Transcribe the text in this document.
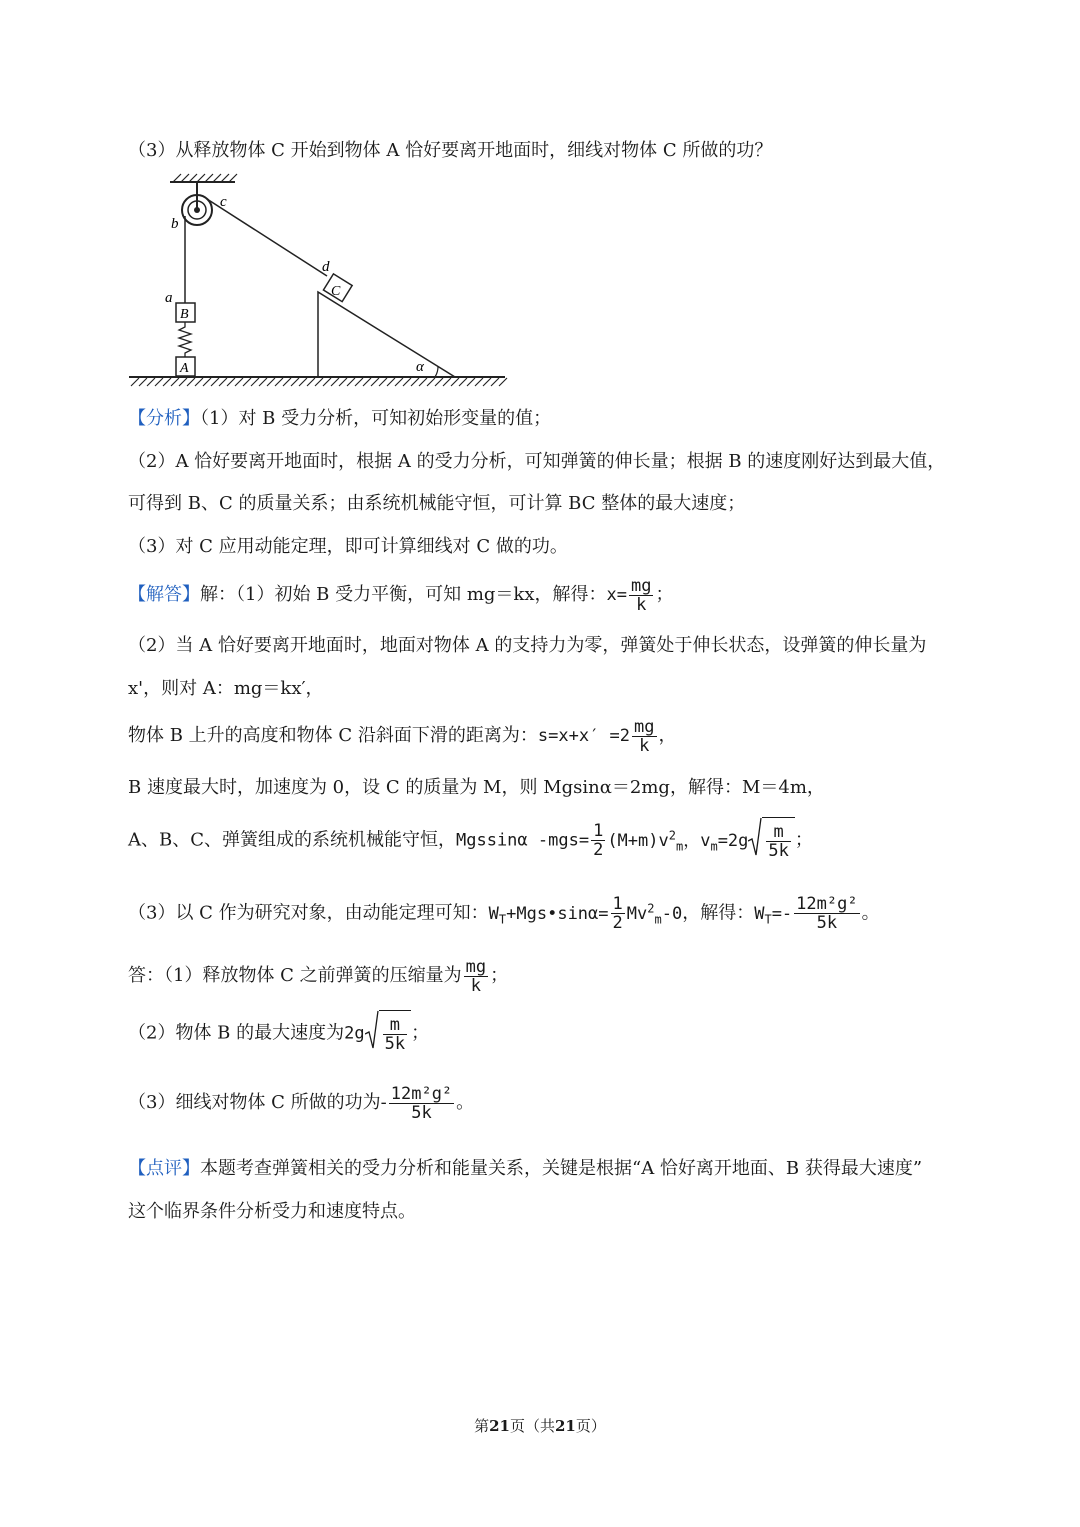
（3）从释放物体 C 开始到物体 A 恰好要离开地面时，细线对物体 C 所做的功？
B
A
C
b
c
d
a
α
【分析】（1）对 B 受力分析，可知初始形变量的值；
（2）A 恰好要离开地面时，根据 A 的受力分析，可知弹簧的伸长量；根据 B 的速度刚好达到最大值，
可得到 B、C 的质量关系；由系统机械能守恒，可计算 BC 整体的最大速度；
（3）对 C 应用动能定理，即可计算细线对 C 做的功。
【解答】解：（1）初始 B 受力平衡，可知 mg＝kx，解得：$x= \frac{mg}{k}$ ；
（2）当 A 恰好要离开地面时，地面对物体 A 的支持力为零，弹簧处于伸长状态，设弹簧的伸长量为
x'，则对 A：mg＝kx′，
物体 B 上升的高度和物体 C 沿斜面下滑的距离为：$s=x+x' =2 \frac{mg}{k}$ ，
B 速度最大时，加速度为 0，设 C 的质量为 M，则 Mgsinα＝2mg，解得：M＝4m，
A、B、C、弹簧组成的系统机械能守恒，Mgssinα $-mgs= \frac{1}{2} (M+m)v^2_m$，$v_m=2g \frac{m}{5k}$ ；
（3）以 C 作为研究对象，由动能定理可知：$W_T+Mgs•\sin\alpha= \frac{1}{2} Mv^2_m-0$，解得：$W_T=- \frac{\text{12m²g²}}{5k}$ 。
答：（1）释放物体 C 之前弹簧的压缩量为 $\frac{mg}{k}$ ；
（2）物体 B 的最大速度为$2g \frac{m}{5k}$ ；
（3）细线对物体 C 所做的功为- $\frac{\text{12m²g²}}{5k}$ 。
【点评】本题考查弹簧相关的受力分析和能量关系，关键是根据“A 恰好离开地面、B 获得最大速度”
这个临界条件分析受力和速度特点。
第21页（共21页）
